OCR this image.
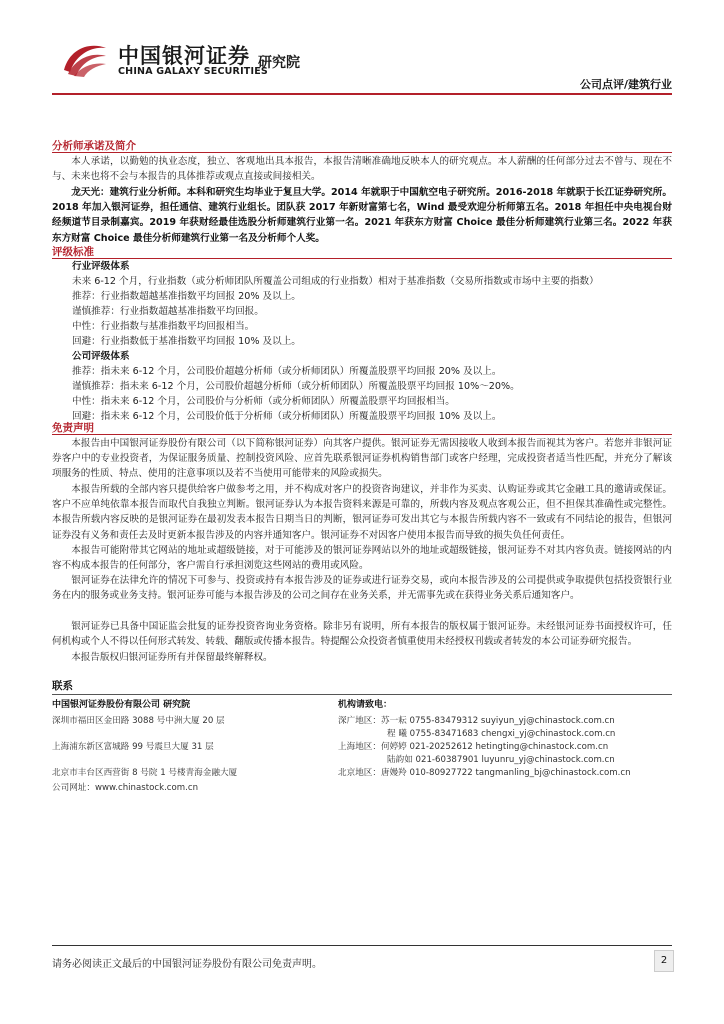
中国银河证券
CHINA GALAXY SECURITIES
研究院
公司点评/建筑行业
分析师承诺及简介

本人承诺，以勤勉的执业态度，独立、客观地出具本报告，本报告清晰准确地反映本人的研究观点。本人薪酬的任何部分过去不曾与、现在不与、未来也将不会与本报告的具体推荐或观点直接或间接相关。

龙天光：建筑行业分析师。本科和研究生均毕业于复旦大学。2014 年就职于中国航空电子研究所。2016-2018 年就职于长江证券研究所。2018 年加入银河证券，担任通信、建筑行业组长。团队获 2017 年新财富第七名，Wind 最受欢迎分析师第五名。2018 年担任中央电视台财经频道节目录制嘉宾。2019 年获财经最佳选股分析师建筑行业第一名。2021 年获东方财富 Choice 最佳分析师建筑行业第三名。2022 年获东方财富 Choice 最佳分析师建筑行业第一名及分析师个人奖。

评级标准
行业评级体系
未来 6-12 个月，行业指数（或分析师团队所覆盖公司组成的行业指数）相对于基准指数（交易所指数或市场中主要的指数）
推荐：行业指数超越基准指数平均回报 20% 及以上。
谨慎推荐：行业指数超越基准指数平均回报。
中性：行业指数与基准指数平均回报相当。
回避：行业指数低于基准指数平均回报 10% 及以上。
公司评级体系
推荐：指未来 6-12 个月，公司股价超越分析师（或分析师团队）所覆盖股票平均回报 20% 及以上。
谨慎推荐：指未来 6-12 个月，公司股价超越分析师（或分析师团队）所覆盖股票平均回报 10%～20%。
中性：指未来 6-12 个月，公司股价与分析师（或分析师团队）所覆盖股票平均回报相当。
回避：指未来 6-12 个月，公司股价低于分析师（或分析师团队）所覆盖股票平均回报 10% 及以上。
免责声明

本报告由中国银河证券股份有限公司（以下简称银河证券）向其客户提供。银河证券无需因接收人收到本报告而视其为客户。若您并非银河证券客户中的专业投资者，为保证服务质量、控制投资风险、应首先联系银河证券机构销售部门或客户经理，完成投资者适当性匹配，并充分了解该项服务的性质、特点、使用的注意事项以及若不当使用可能带来的风险或损失。

本报告所载的全部内容只提供给客户做参考之用，并不构成对客户的投资咨询建议，并非作为买卖、认购证券或其它金融工具的邀请或保证。客户不应单纯依靠本报告而取代自我独立判断。银河证券认为本报告资料来源是可靠的，所载内容及观点客观公正，但不担保其准确性或完整性。本报告所载内容反映的是银河证券在最初发表本报告日期当日的判断，银河证券可发出其它与本报告所载内容不一致或有不同结论的报告，但银河证券没有义务和责任去及时更新本报告涉及的内容并通知客户。银河证券不对因客户使用本报告而导致的损失负任何责任。

本报告可能附带其它网站的地址或超级链接，对于可能涉及的银河证券网站以外的地址或超级链接，银河证券不对其内容负责。链接网站的内容不构成本报告的任何部分，客户需自行承担浏览这些网站的费用或风险。

银河证券在法律允许的情况下可参与、投资或持有本报告涉及的证券或进行证券交易，或向本报告涉及的公司提供或争取提供包括投资银行业务在内的服务或业务支持。银河证券可能与本报告涉及的公司之间存在业务关系，并无需事先或在获得业务关系后通知客户。

银河证券已具备中国证监会批复的证券投资咨询业务资格。除非另有说明，所有本报告的版权属于银河证券。未经银河证券书面授权许可，任何机构或个人不得以任何形式转发、转载、翻版或传播本报告。特提醒公众投资者慎重使用未经授权刊载或者转发的本公司证券研究报告。

本报告版权归银河证券所有并保留最终解释权。

联系
中国银河证券股份有限公司 研究院
深圳市福田区金田路 3088 号中洲大厦 20 层
上海浦东新区富城路 99 号震旦大厦 31 层
北京市丰台区西营街 8 号院 1 号楼青海金融大厦
公司网址：www.chinastock.com.cn
机构请致电：
深广地区：苏一耘 0755-83479312 suyiyun_yj@chinastock.com.cn
程 曦 0755-83471683 chengxi_yj@chinastock.com.cn
上海地区：何婷婷 021-20252612 hetingting@chinastock.com.cn
陆韵如 021-60387901 luyunru_yj@chinastock.com.cn
北京地区：唐嫚羚 010-80927722 tangmanling_bj@chinastock.com.cn
请务必阅读正文最后的中国银河证券股份有限公司免责声明。	2
